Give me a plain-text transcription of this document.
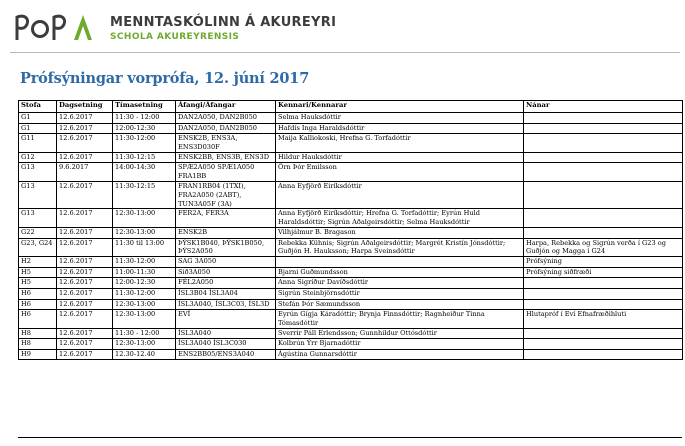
MENNTASKÓLINN Á AKUREYRI
SCHOLA AKUREYRENSIS
Prófsýningar vorprófa, 12. júní 2017
Stofa	Dagsetning	Tímasetning	Áfangi/Áfangar	Kennari/Kennarar	Nánar
G1	12.6.2017	11:30 - 12:00	DAN2A050, DAN2B050	Selma Hauksdóttir	
G1	12.6.2017	12:00-12:30	DAN2A050, DAN2B050	Hafdís Inga Haraldsdóttir	
G11	12.6.2017	11:30-12:00	ENSK2B, ENS3A, ENS3D030F	Maija Kalliokoski, Hrefna G. Torfadóttir	
G12	12.6.2017	11:30-12:15	ENSK2BB, ENS3B, ENS3D	Hildur Hauksdóttir	
G13	9.6.2017	14:00-14:30	SPÆ2A050 SPÆ1A050 FRA1BB	Örn Þór Emilsson	
G13	12.6.2017	11:30-12:15	FRAN1RB04 (1TXI), FRA2A050 (2ABT), TUN3A05F (3A)	Anna Eyfjörð Eiríksdóttir	
G13	12.6.2017	12:30-13:00	FER2A, FER3A	Anna Eyfjörð Eiríksdóttir; Hrefna G. Torfadóttir; Eyrún Huld Haraldsdóttir; Sigrún Aðalgeirsdóttir; Selma Hauksdóttir	
G22	12.6.2017	12:30-13:00	ENSK2B	Vilhjálmur B. Bragason	
G23, G24	12.6.2017	11:30 til 13:00	ÞÝSK1B040, ÞÝSK1B050, ÞÝS2A050	Rebekka Kühnis; Sigrún Aðalgeirsdóttir; Margrét Kristín Jónsdóttir; Guðjón H. Hauksson; Harpa Sveinsdóttir	Harpa, Rebekka og Sigrún verða í G23 og Guðjón og Magga í G24
H2	12.6.2017	11:30-12:00	SAG 3A050		Prófsýning
H5	12.6.2017	11:00-11:30	Sið3A050	Bjarni Guðmundsson	Prófsýning siðfræði
H5	12.6.2017	12:00-12:30	FÉL2A050	Anna Sigríður Davíðsdóttir	
H6	12.6.2017	11:30-12:00	ÍSL3B04 ÍSL3A04	Sigrún Steinbjörnsdóttir	
H6	12.6.2017	12:30-13:00	ÍSL3A040, ÍSL3C03, ÍSL3D	Stefán Þór Sæmundsson	
H6	12.6.2017	12:30-13:00	EVÍ	Eyrún Gígja Káradóttir; Brynja Finnsdóttir; Ragnheiður Tinna Tómasdóttir	Hlutapróf í Eví Efnafræðihluti
H8	12.6.2017	11:30 - 12:00	ÍSL3A040	Sverrir Páll Erlendsson; Gunnhildur Ottósdóttir	
H8	12.6.2017	12:30-13:00	ÍSL3A040 ÍSL3C030	Kolbrún Ýrr Bjarnadóttir	
H9	12.6.2017	12.30-12.40	ENS2BB05/ENS3A040	Ágústína Gunnarsdóttir	
